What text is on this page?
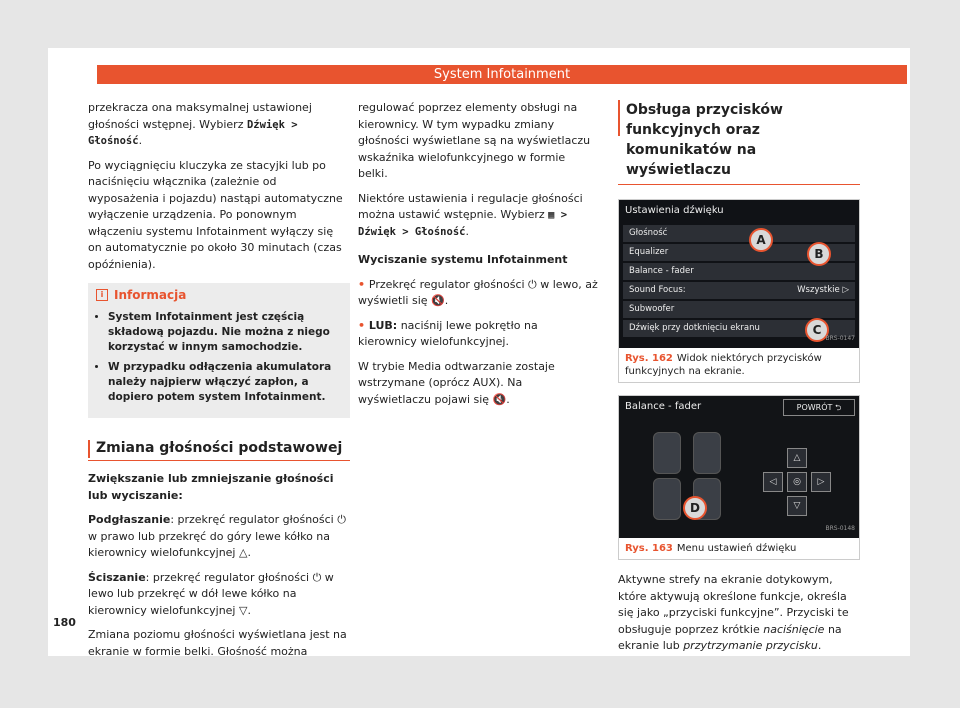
System Infotainment

przekracza ona maksymalnej ustawionej głośności wstępnej. Wybierz Dźwięk > Głośność.

Po wyciągnięciu kluczyka ze stacyjki lub po naciśnięciu włącznika (zależnie od wyposażenia i pojazdu) nastąpi automatyczne wyłączenie urządzenia. Po ponownym włączeniu systemu Infotainment wyłączy się on automatycznie po około 30 minutach (czas opóźnienia).

i Informacja
• System Infotainment jest częścią składową pojazdu. Nie można z niego korzystać w innym samochodzie.
• W przypadku odłączenia akumulatora należy najpierw włączyć zapłon, a dopiero potem system Infotainment.
Zmiana głośności podstawowej

Zwiększanie lub zmniejszanie głośności lub wyciszanie:

Podgłaszanie: przekręć regulator głośności ⏻ w prawo lub przekręć do góry lewe kółko na kierownicy wielofunkcyjnej △.

Ściszanie: przekręć regulator głośności ⏻ w lewo lub przekręć w dół lewe kółko na kierownicy wielofunkcyjnej ▽.

Zmiana poziomu głośności wyświetlana jest na ekranie w formie belki. Głośność można

regulować poprzez elementy obsługi na kierownicy. W tym wypadku zmiany głośności wyświetlane są na wyświetlaczu wskaźnika wielofunkcyjnego w formie belki.

Niektóre ustawienia i regulacje głośności można ustawić wstępnie. Wybierz ▦ >
Dźwięk > Głośność.

Wyciszanie systemu Infotainment

• Przekręć regulator głośności ⏻ w lewo, aż wyświetli się 🔇.

• LUB: naciśnij lewe pokrętło na kierownicy wielofunkcyjnej.

W trybie Media odtwarzanie zostaje wstrzymane (oprócz AUX). Na wyświetlaczu pojawi się 🔇.

Obsługa przycisków funkcyjnych oraz komunikatów na wyświetlaczu
Ustawienia dźwięku
Głośność
Equalizer
Balance - fader
Sound Focus:	Wszystkie ▷
Subwoofer
Dźwięk przy dotknięciu ekranu
A
B
C
BRS-0147
Rys. 162 Widok niektórych przycisków funkcyjnych na ekranie.
Balance - fader	POWRÓT ⮌
△
◁	◎	▷
▽
D
BRS-0148
Rys. 163 Menu ustawień dźwięku

Aktywne strefy na ekranie dotykowym, które aktywują określone funkcje, określa się jako „przyciski funkcyjne”. Przyciski te obsługuje poprzez krótkie naciśnięcie na ekranie lub przytrzymanie przycisku.

180
